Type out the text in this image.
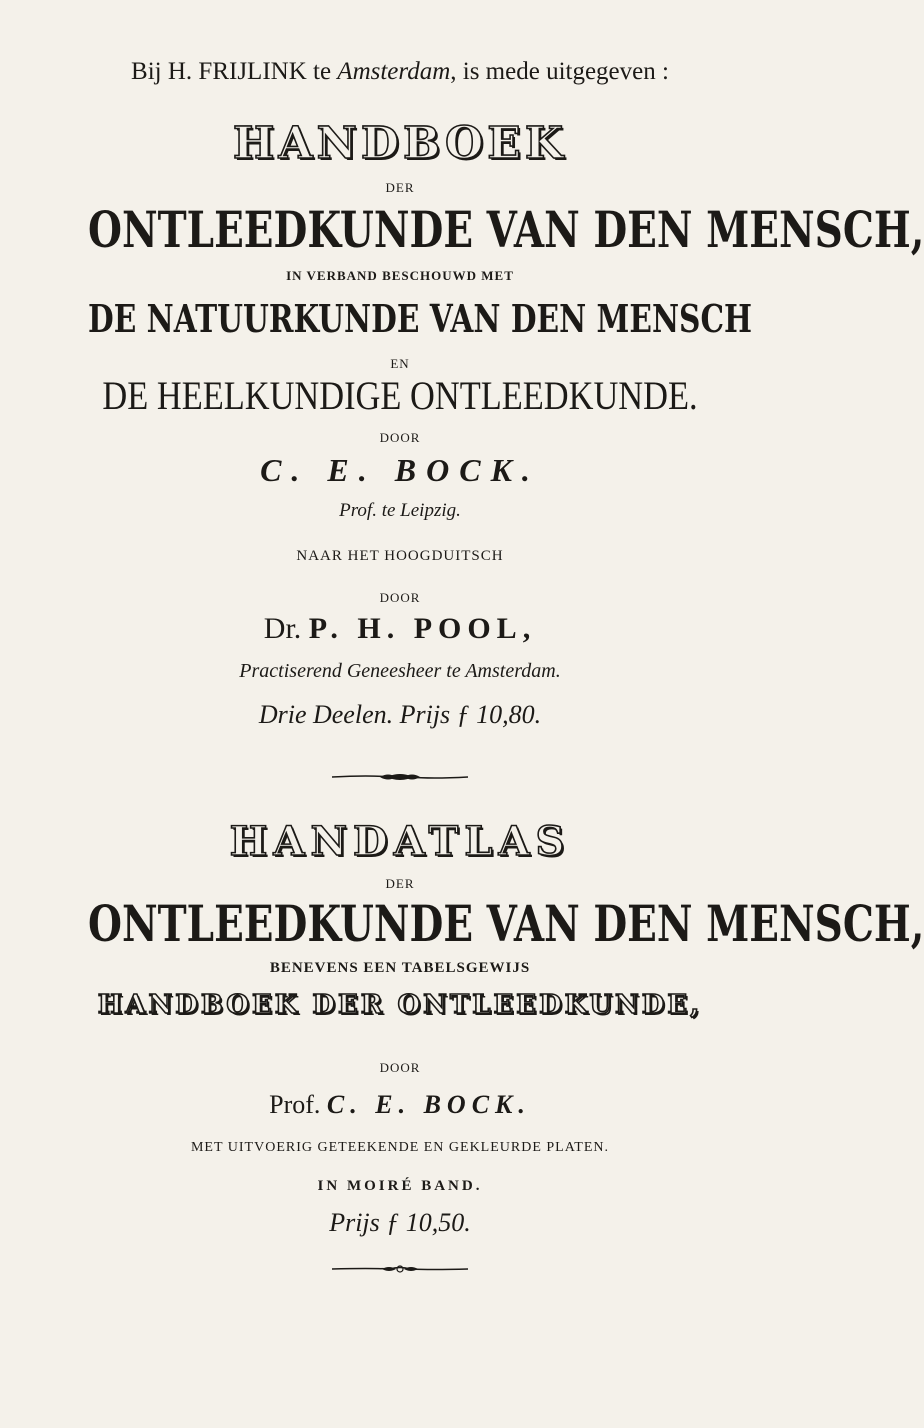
Bij H. FRIJLINK te Amsterdam, is mede uitgegeven :
HANDBOEK
DER
ONTLEEDKUNDE VAN DEN MENSCH,
IN VERBAND BESCHOUWD MET
DE NATUURKUNDE VAN DEN MENSCH
EN
DE HEELKUNDIGE ONTLEEDKUNDE.
DOOR
C. E. BOCK.
Prof. te Leipzig.
NAAR HET HOOGDUITSCH
DOOR
Dr. P. H. POOL,
Practiserend Geneesheer te Amsterdam.
Drie Deelen. Prijs ƒ 10,80.
HANDATLAS
DER
ONTLEEDKUNDE VAN DEN MENSCH,
BENEVENS EEN TABELSGEWIJS
HANDBOEK DER ONTLEEDKUNDE,
DOOR
Prof. C. E. BOCK.
MET UITVOERIG GETEEKENDE EN GEKLEURDE PLATEN.
IN MOIRÉ BAND.
Prijs ƒ 10,50.
